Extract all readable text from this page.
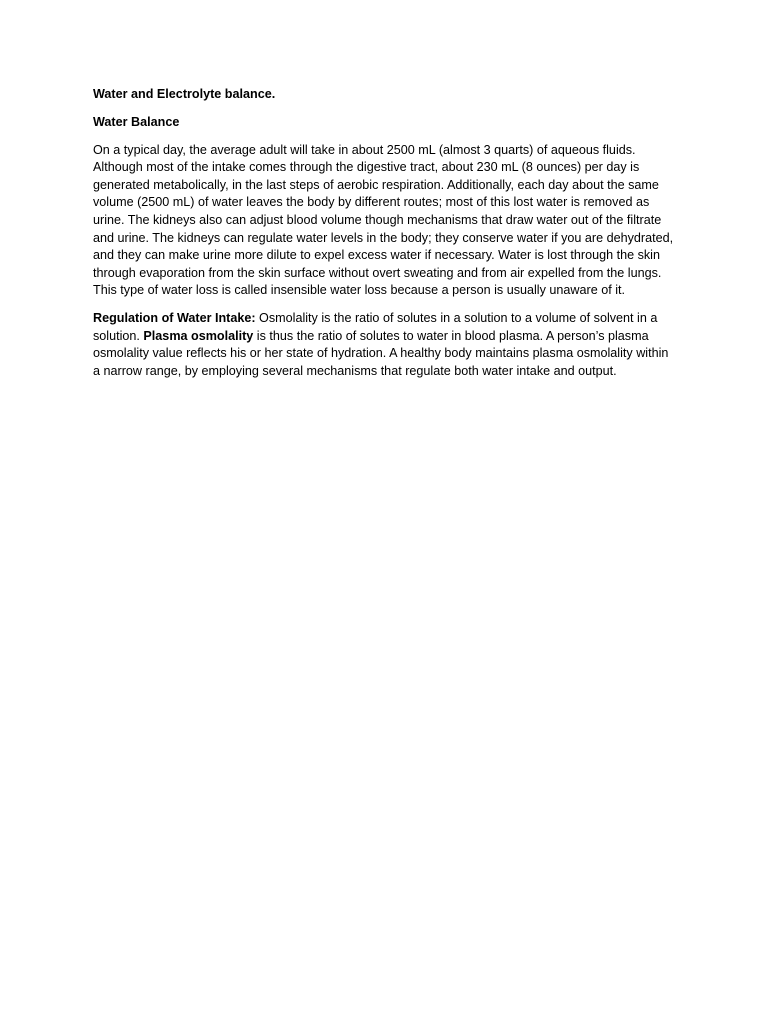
Water and Electrolyte balance.

Water Balance

On a typical day, the average adult will take in about 2500 mL (almost 3 quarts) of aqueous fluids. Although most of the intake comes through the digestive tract, about 230 mL (8 ounces) per day is generated metabolically, in the last steps of aerobic respiration. Additionally, each day about the same volume (2500 mL) of water leaves the body by different routes; most of this lost water is removed as urine. The kidneys also can adjust blood volume though mechanisms that draw water out of the filtrate and urine. The kidneys can regulate water levels in the body; they conserve water if you are dehydrated, and they can make urine more dilute to expel excess water if necessary. Water is lost through the skin through evaporation from the skin surface without overt sweating and from air expelled from the lungs. This type of water loss is called insensible water loss because a person is usually unaware of it.

Regulation of Water Intake: Osmolality is the ratio of solutes in a solution to a volume of solvent in a solution. Plasma osmolality is thus the ratio of solutes to water in blood plasma. A person’s plasma osmolality value reflects his or her state of hydration. A healthy body maintains plasma osmolality within a narrow range, by employing several mechanisms that regulate both water intake and output.
